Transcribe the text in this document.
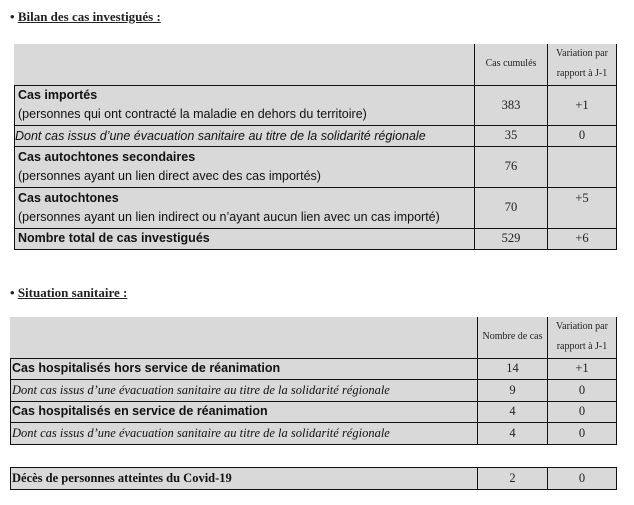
• Bilan des cas investigués :
	Cas cumulés	Variation par rapport à J-1

Cas importés
(personnes qui ont contracté la maladie en dehors du territoire)	383	+1
Dont cas issus d’une évacuation sanitaire au titre de la solidarité régionale	35	0

Cas autochtones secondaires
(personnes ayant un lien direct avec des cas importés)	76	

Cas autochtones
(personnes ayant un lien indirect ou n’ayant aucun lien avec un cas importé)	70	+5

Nombre total de cas investigués	529	+6
• Situation sanitaire :
	Nombre de cas	Variation par rapport à J-1

Cas hospitalisés hors service de réanimation	14	+1
Dont cas issus d’une évacuation sanitaire au titre de la solidarité régionale	9	0

Cas hospitalisés en service de réanimation	4	0
Dont cas issus d’une évacuation sanitaire au titre de la solidarité régionale	4	0
Décès de personnes atteintes du Covid-19	2	0
